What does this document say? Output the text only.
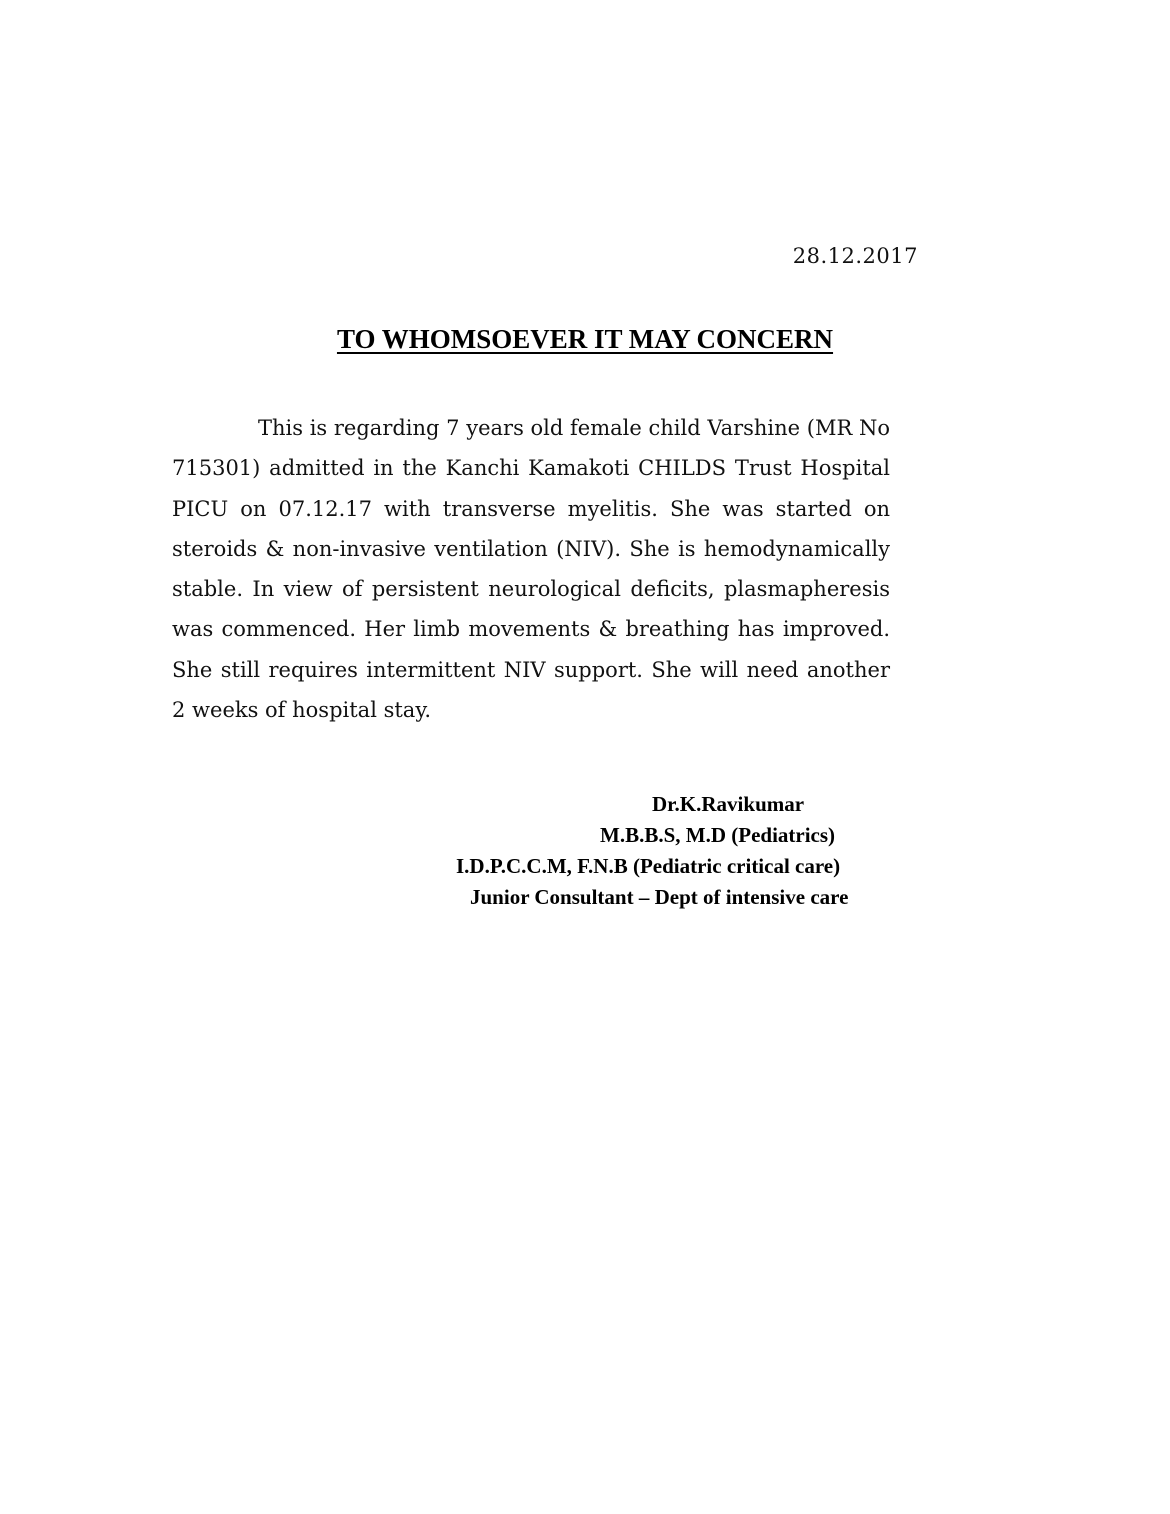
28.12.2017
TO WHOMSOEVER IT MAY CONCERN

This is regarding 7 years old female child Varshine (MR No 715301) admitted in the Kanchi Kamakoti CHILDS Trust Hospital PICU on 07.12.17 with transverse myelitis. She was started on steroids & non-invasive ventilation (NIV). She is hemodynamically stable. In view of persistent neurological deficits, plasmapheresis was commenced. Her limb movements & breathing has improved. She still requires intermittent NIV support. She will need another 2 weeks of hospital stay.

Dr.K.Ravikumar
M.B.B.S, M.D (Pediatrics)
I.D.P.C.C.M, F.N.B (Pediatric critical care)
Junior Consultant – Dept of intensive care
